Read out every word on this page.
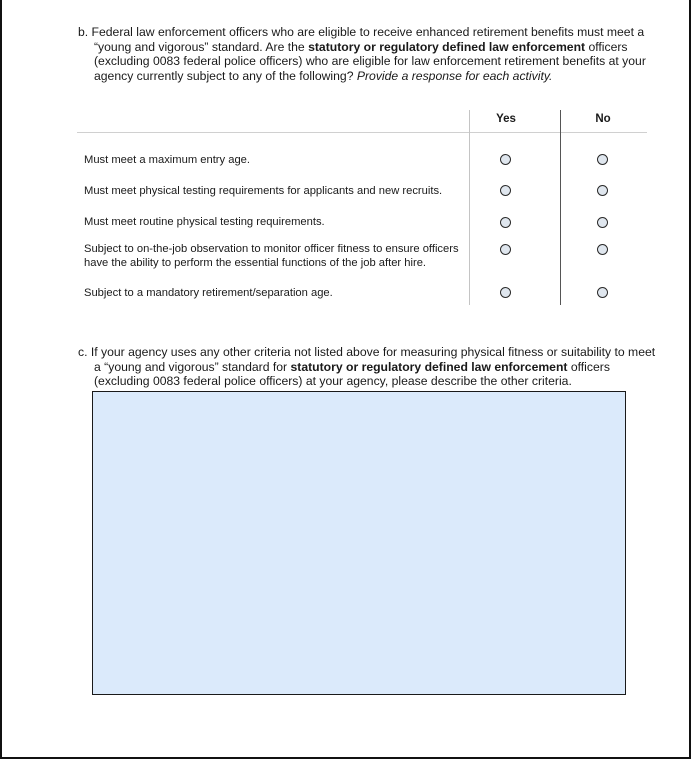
b. Federal law enforcement officers who are eligible to receive enhanced retirement benefits must meet a “young and vigorous” standard. Are the statutory or regulatory defined law enforcement officers (excluding 0083 federal police officers) who are eligible for law enforcement retirement benefits at your agency currently subject to any of the following? Provide a response for each activity.
Yes	No
Must meet a maximum entry age.
Must meet physical testing requirements for applicants and new recruits.
Must meet routine physical testing requirements.
Subject to on-the-job observation to monitor officer fitness to ensure officers have the ability to perform the essential functions of the job after hire.
Subject to a mandatory retirement/separation age.
c. If your agency uses any other criteria not listed above for measuring physical fitness or suitability to meet a “young and vigorous” standard for statutory or regulatory defined law enforcement officers (excluding 0083 federal police officers) at your agency, please describe the other criteria.
